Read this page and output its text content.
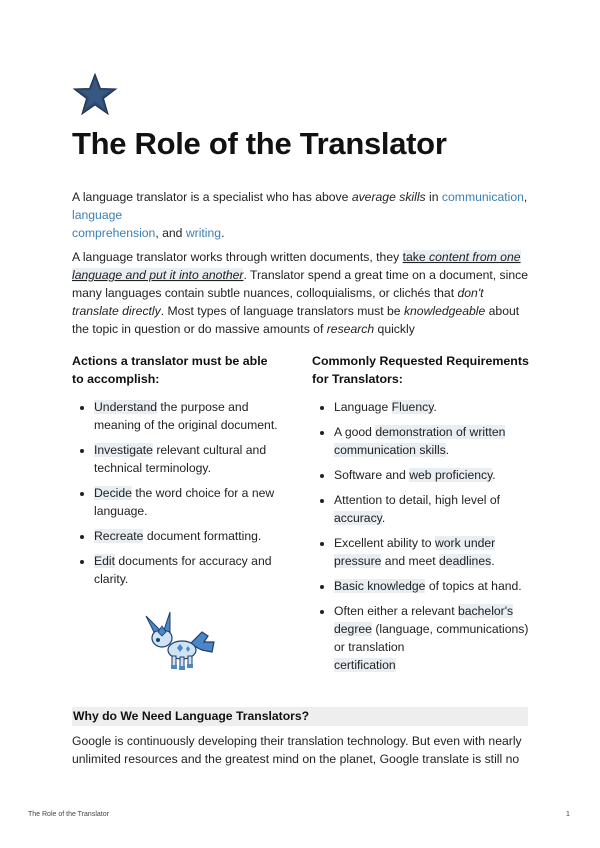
The Role of the Translator

A language translator is a specialist who has above average skills in communication,
language
comprehension, and writing.

A language translator works through written documents, they take content from one language and put it into another. Translator spend a great time on a document, since many languages contain subtle nuances, colloquialisms, or clichés that don't translate directly. Most types of language translators must be knowledgeable about the topic in question or do massive amounts of research quickly

Actions a translator must be able to accomplish:
• Understand the purpose and meaning of the original document.
• Investigate relevant cultural and technical terminology.
• Decide the word choice for a new language.
• Recreate document formatting.
• Edit documents for accuracy and clarity.
Commonly Requested Requirements for Translators:
• Language Fluency.
• A good demonstration of written communication skills.
• Software and web proficiency.
• Attention to detail, high level of accuracy.
• Excellent ability to work under pressure and meet deadlines.
• Basic knowledge of topics at hand.
• Often either a relevant bachelor's degree (language, communications) or translation
certification
Why do We Need Language Translators?

Google is continuously developing their translation technology. But even with nearly unlimited resources and the greatest mind on the planet, Google translate is still no

The Role of the Translator	1
